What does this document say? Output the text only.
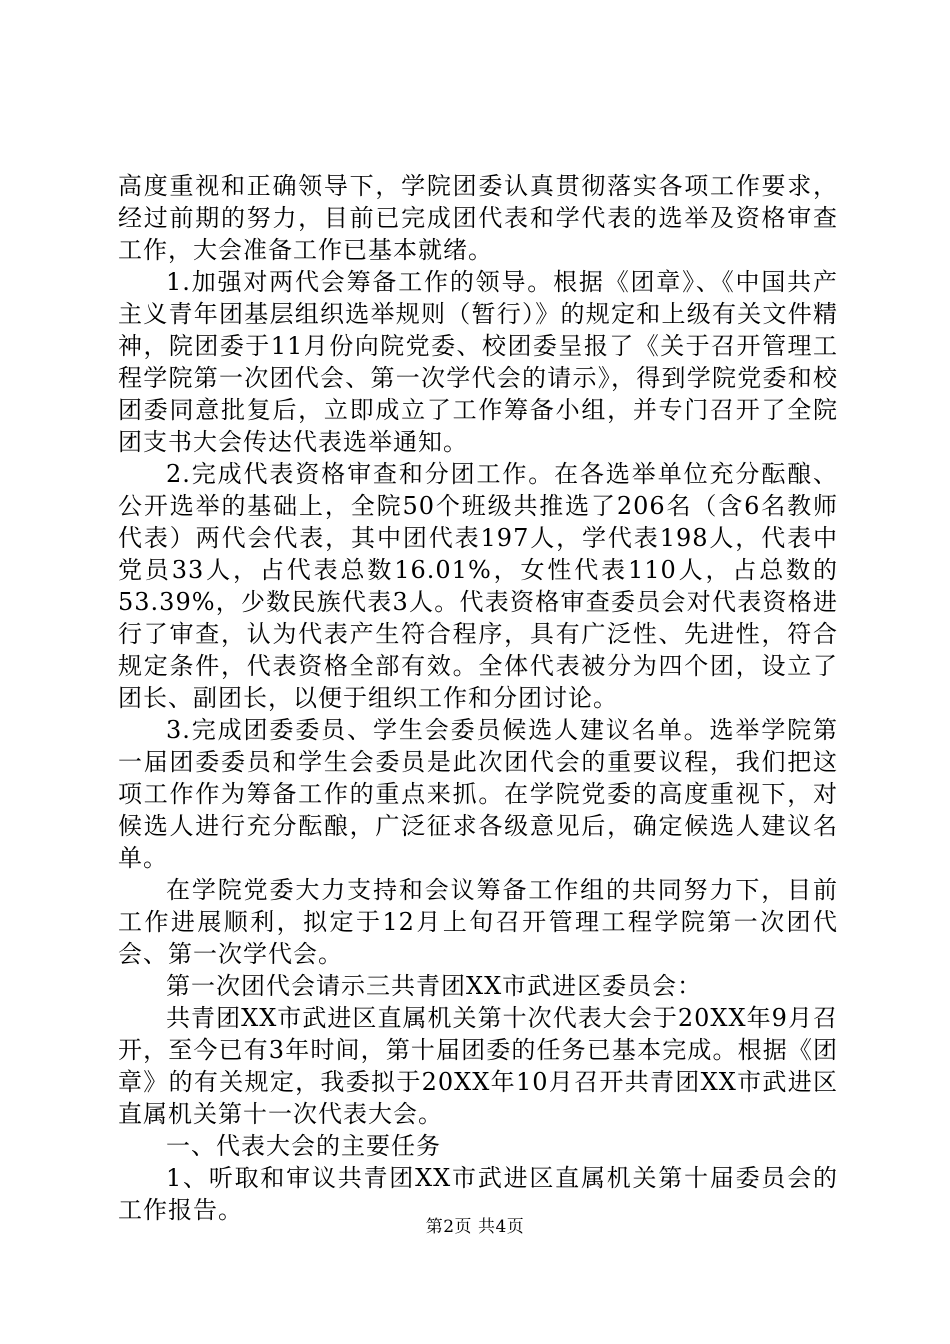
高度重视和正确领导下，学院团委认真贯彻落实各项工作要求，经过前期的努力，目前已完成团代表和学代表的选举及资格审查工作，大会准备工作已基本就绪。

1.加强对两代会筹备工作的领导。根据《团章》、《中国共产主义青年团基层组织选举规则（暂行）》的规定和上级有关文件精神，院团委于11月份向院党委、校团委呈报了《关于召开管理工程学院第一次团代会、第一次学代会的请示》，得到学院党委和校团委同意批复后，立即成立了工作筹备小组，并专门召开了全院团支书大会传达代表选举通知。

2.完成代表资格审查和分团工作。在各选举单位充分酝酿、公开选举的基础上，全院50个班级共推选了206名（含6名教师代表）两代会代表，其中团代表197人，学代表198人，代表中党员33人，占代表总数16.01%，女性代表110人，占总数的53.39%，少数民族代表3人。代表资格审查委员会对代表资格进行了审查，认为代表产生符合程序，具有广泛性、先进性，符合规定条件，代表资格全部有效。全体代表被分为四个团，设立了团长、副团长，以便于组织工作和分团讨论。

3.完成团委委员、学生会委员候选人建议名单。选举学院第一届团委委员和学生会委员是此次团代会的重要议程，我们把这项工作作为筹备工作的重点来抓。在学院党委的高度重视下，对候选人进行充分酝酿，广泛征求各级意见后，确定候选人建议名单。

在学院党委大力支持和会议筹备工作组的共同努力下，目前工作进展顺利，拟定于12月上旬召开管理工程学院第一次团代会、第一次学代会。

第一次团代会请示三共青团XX市武进区委员会：

共青团XX市武进区直属机关第十次代表大会于20XX年9月召开，至今已有3年时间，第十届团委的任务已基本完成。根据《团章》的有关规定，我委拟于20XX年10月召开共青团XX市武进区直属机关第十一次代表大会。

一、代表大会的主要任务

1、听取和审议共青团XX市武进区直属机关第十届委员会的工作报告。

第2页 共4页
